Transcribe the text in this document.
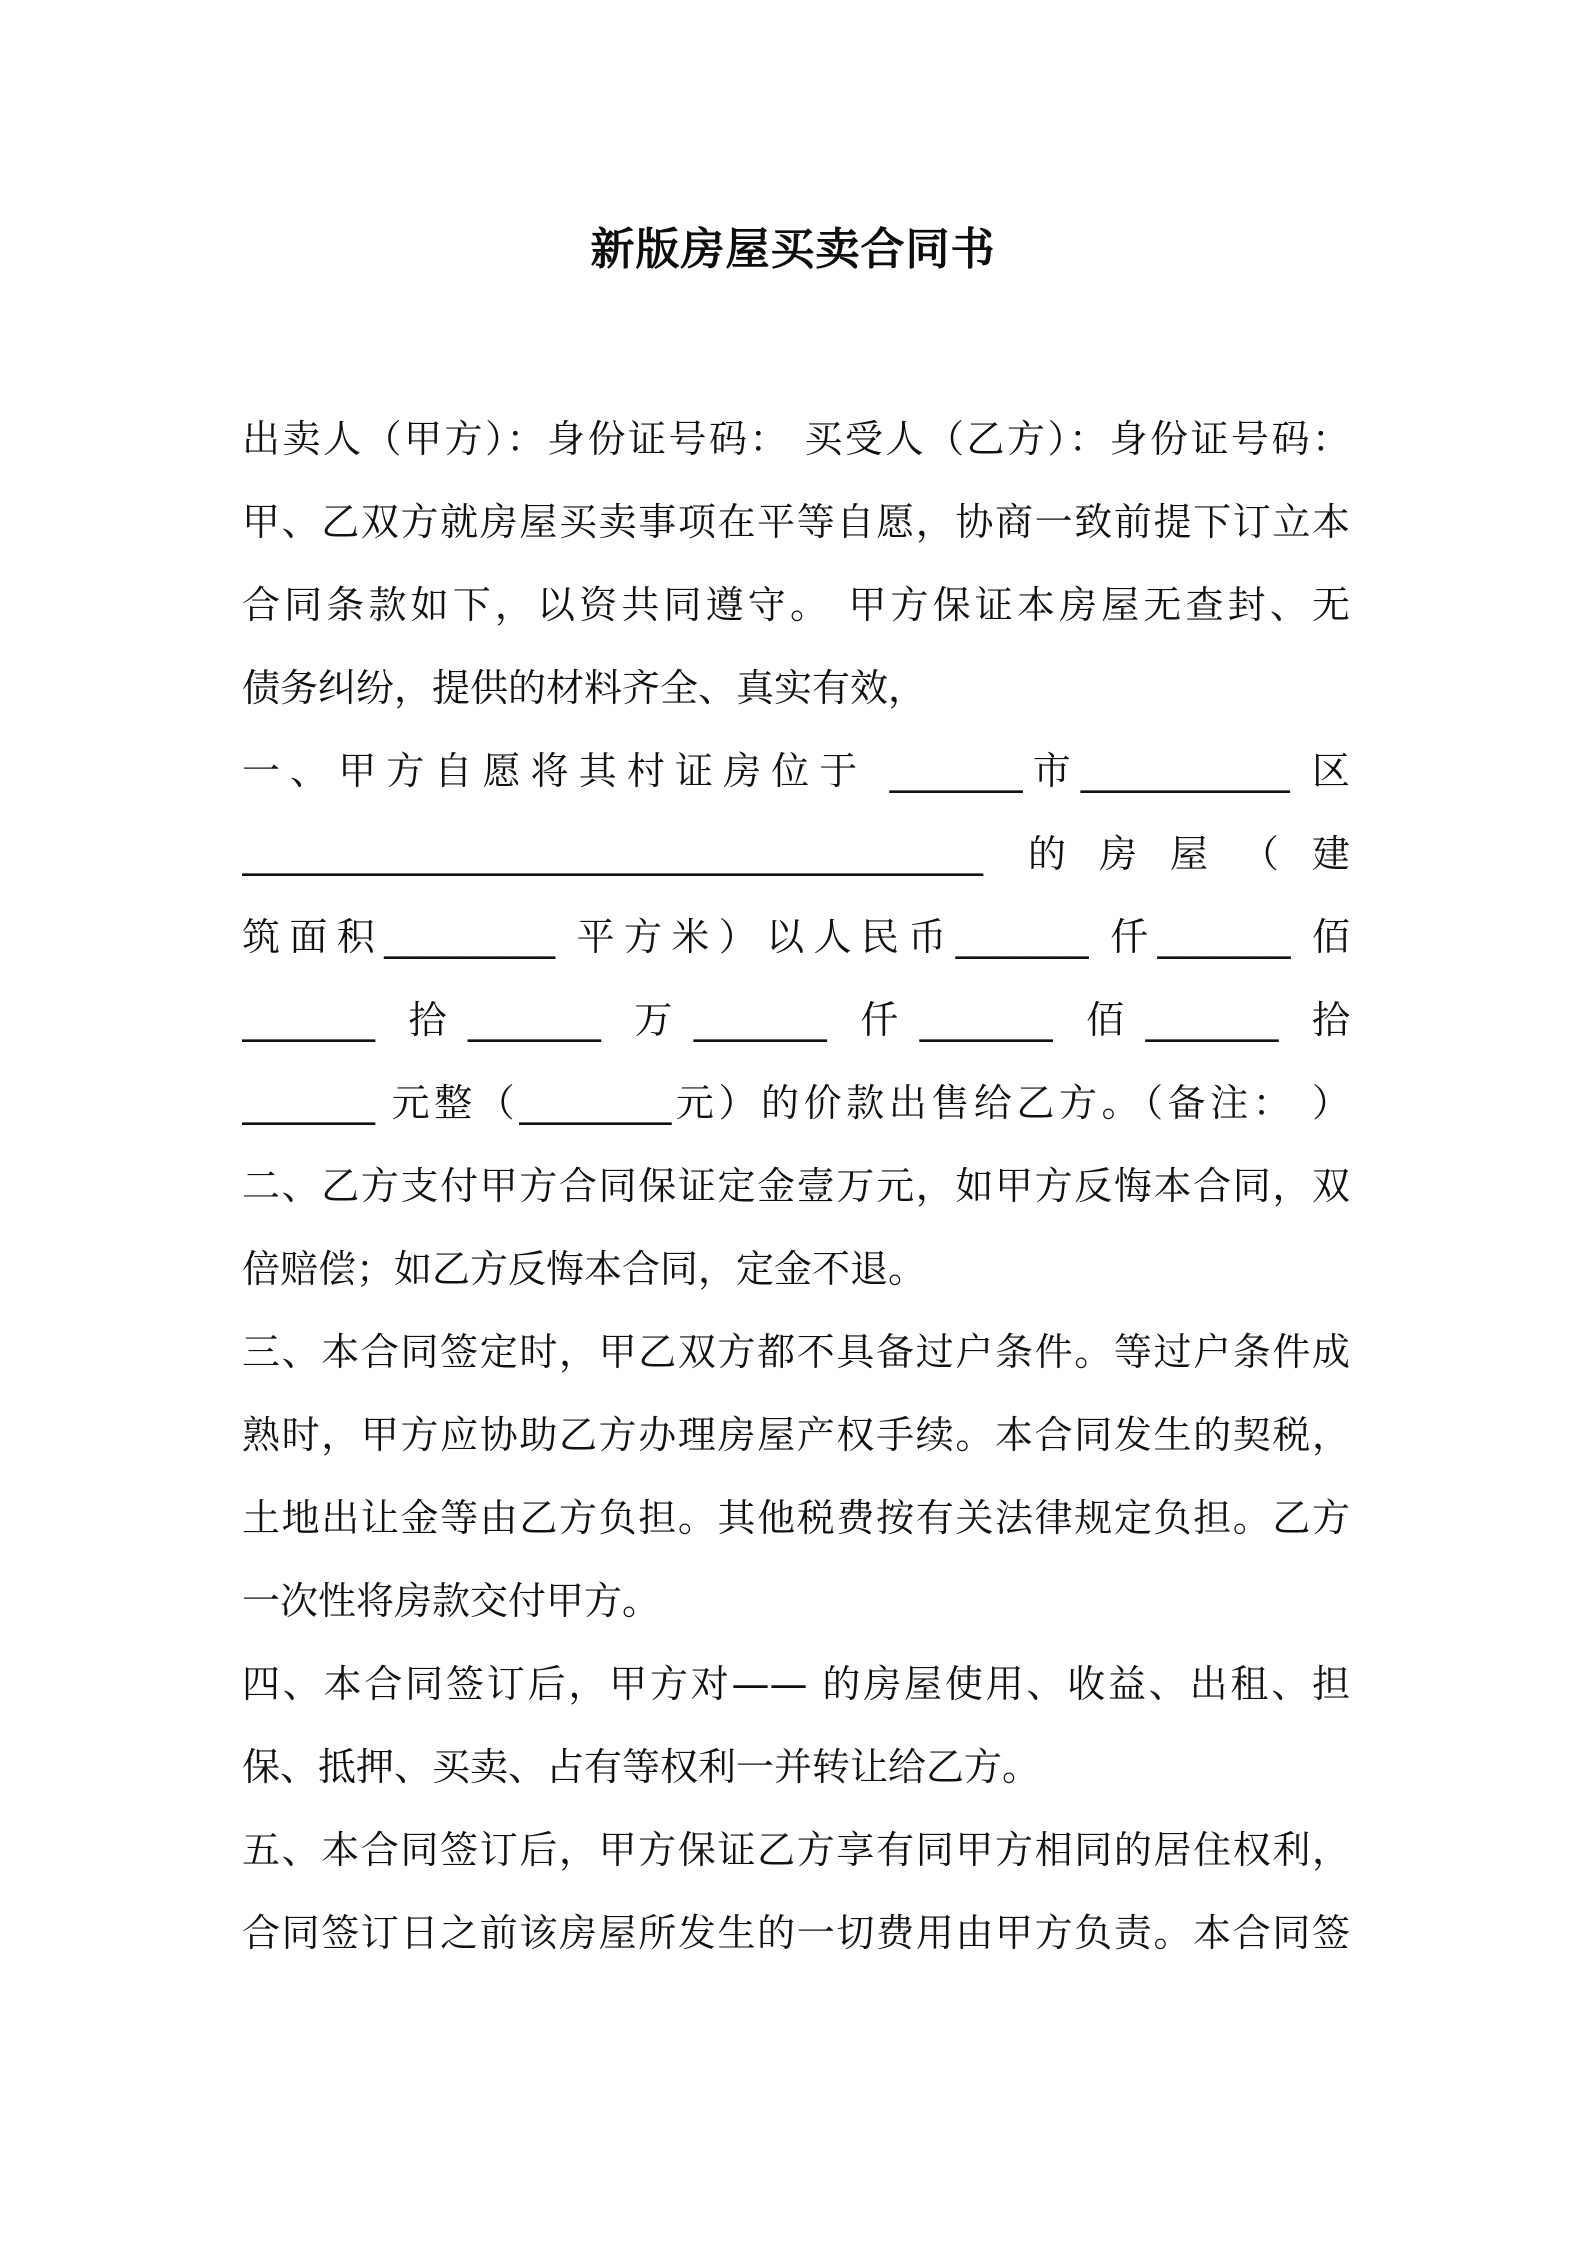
新版房屋买卖合同书
出卖人（甲方）：身份证号码： 买受人（乙方）：身份证号码：
甲、乙双方就房屋买卖事项在平等自愿，协商一致前提下订立本
合同条款如下，以资共同遵守。 甲方保证本房屋无查封、无
债务纠纷，提供的材料齐全、真实有效，
一、甲方自愿将其村证房位于 _______市___________ 区
_______________________________________ 的房屋（建
筑面积_________ 平方米）以人民币_______ 仟_______ 佰
_______ 拾_______ 万_______ 仟_______ 佰_______ 拾
_______ 元整（________元）的价款出售给乙方。（备注： ）
二、乙方支付甲方合同保证定金壹万元，如甲方反悔本合同，双
倍赔偿；如乙方反悔本合同，定金不退。
三、本合同签定时，甲乙双方都不具备过户条件。等过户条件成
熟时，甲方应协助乙方办理房屋产权手续。本合同发生的契税，
土地出让金等由乙方负担。其他税费按有关法律规定负担。乙方
一次性将房款交付甲方。
四、本合同签订后，甲方对—— 的房屋使用、收益、出租、担
保、抵押、买卖、占有等权利一并转让给乙方。
五、本合同签订后，甲方保证乙方享有同甲方相同的居住权利，
合同签订日之前该房屋所发生的一切费用由甲方负责。本合同签
